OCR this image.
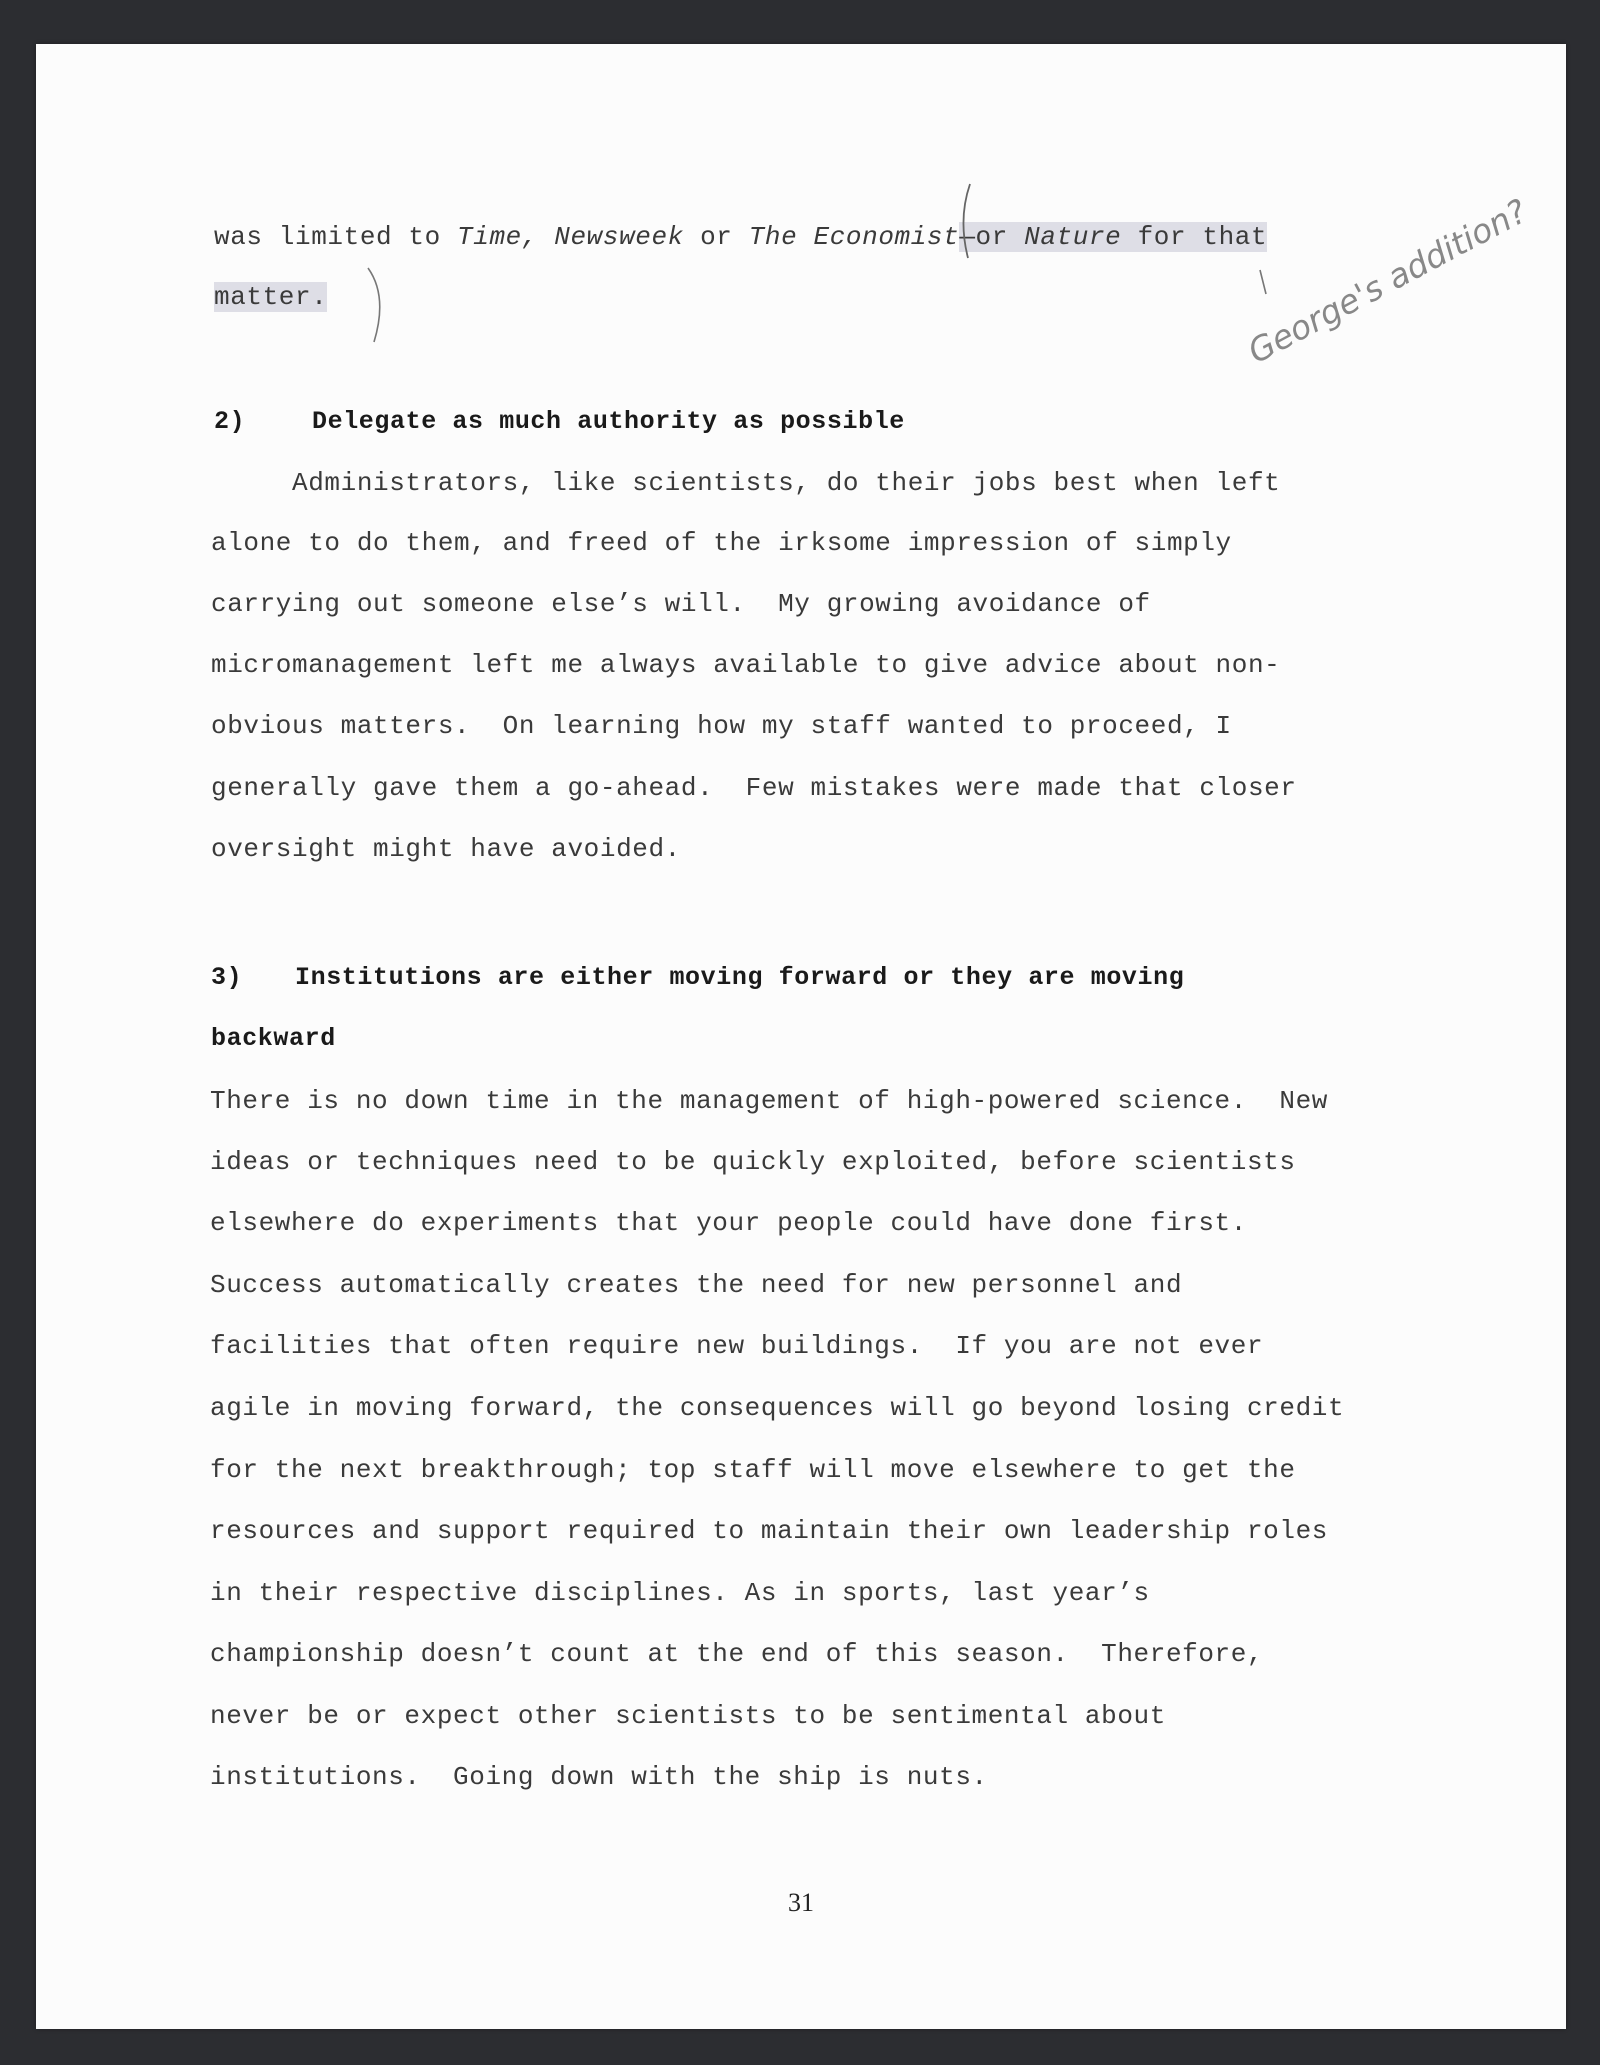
was limited to Time, Newsweek or The Economist—or Nature for that
matter.	George's addition?
2)	Delegate as much authority as possible
Administrators, like scientists, do their jobs best when left
alone to do them, and freed of the irksome impression of simply
carrying out someone else’s will.  My growing avoidance of
micromanagement left me always available to give advice about non-
obvious matters.  On learning how my staff wanted to proceed, I
generally gave them a go-ahead.  Few mistakes were made that closer
oversight might have avoided.
3) Institutions are either moving forward or they are moving
backward
There is no down time in the management of high-powered science.  New
ideas or techniques need to be quickly exploited, before scientists
elsewhere do experiments that your people could have done first.
Success automatically creates the need for new personnel and
facilities that often require new buildings.  If you are not ever
agile in moving forward, the consequences will go beyond losing credit
for the next breakthrough; top staff will move elsewhere to get the
resources and support required to maintain their own leadership roles
in their respective disciplines. As in sports, last year’s
championship doesn’t count at the end of this season.  Therefore,
never be or expect other scientists to be sentimental about
institutions.  Going down with the ship is nuts.
31
